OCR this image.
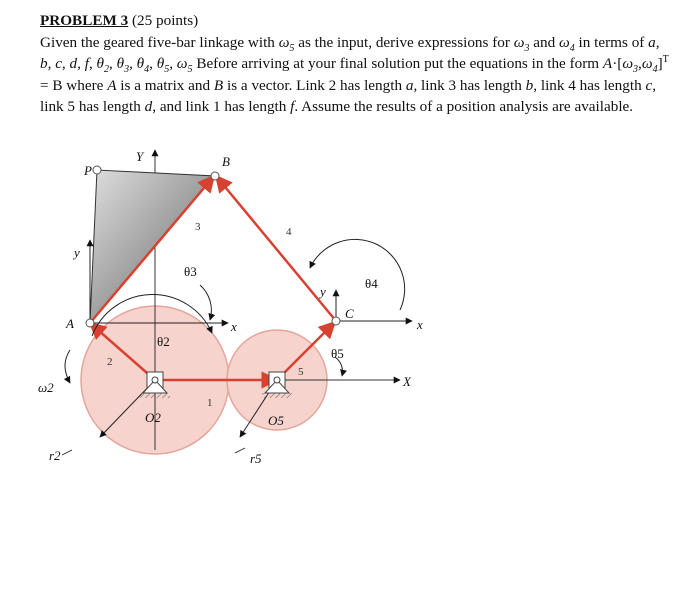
PROBLEM 3 (25 points)
Given the geared five-bar linkage with $\omega_5$ as the input, derive expressions for $\omega_3$ and $\omega_4$ in terms of a, b, c, d, f, $\theta_2$, $\theta_3$, $\theta_4$, $\theta_5$, $\omega_5$ Before arriving at your final solution put the equations in the form $A\cdot[\omega_3,\omega_4]^T = B$ where A is a matrix and B is a vector. Link 2 has length a, link 3 has length b, link 4 has length c, link 5 has length d, and link 1 has length f. Assume the results of a position analysis are available.
P
Y	B
A
C
y
y
x	x
X
1
2
3	4
5
θ2
θ3
θ4
θ5
O2	O5
ω2
r2	r5
